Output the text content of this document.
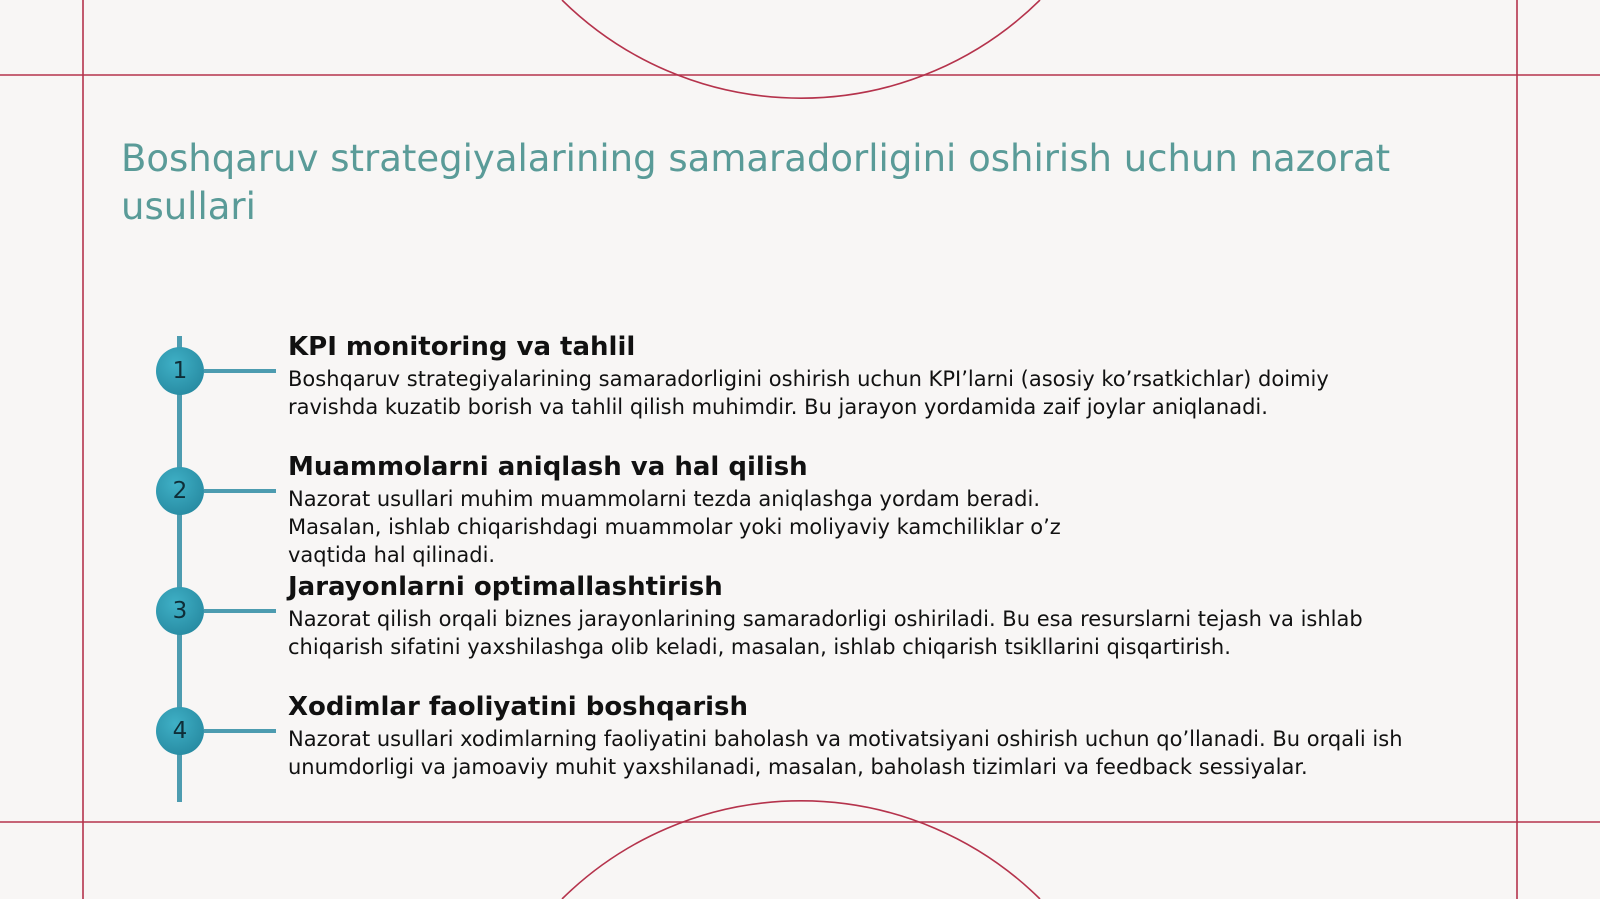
Boshqaruv strategiyalarining samaradorligini oshirish uchun nazorat usullari
1
KPI monitoring va tahlil

Boshqaruv strategiyalarining samaradorligini oshirish uchun KPI’larni (asosiy ko’rsatkichlar) doimiy ravishda kuzatib borish va tahlil qilish muhimdir. Bu jarayon yordamida zaif joylar aniqlanadi.

2
Muammolarni aniqlash va hal qilish

Nazorat usullari muhim muammolarni tezda aniqlashga yordam beradi. Masalan, ishlab chiqarishdagi muammolar yoki moliyaviy kamchiliklar o’z vaqtida hal qilinadi.

3
Jarayonlarni optimallashtirish

Nazorat qilish orqali biznes jarayonlarining samaradorligi oshiriladi. Bu esa resurslarni tejash va ishlab chiqarish sifatini yaxshilashga olib keladi, masalan, ishlab chiqarish tsikllarini qisqartirish.

4
Xodimlar faoliyatini boshqarish

Nazorat usullari xodimlarning faoliyatini baholash va motivatsiyani oshirish uchun qo’llanadi. Bu orqali ish unumdorligi va jamoaviy muhit yaxshilanadi, masalan, baholash tizimlari va feedback sessiyalar.
